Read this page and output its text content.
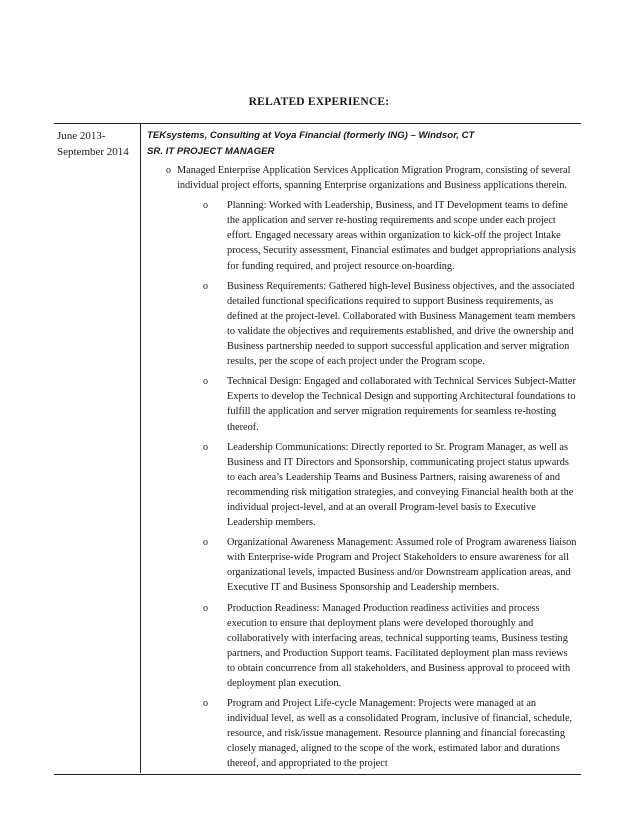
RELATED EXPERIENCE:
June 2013-
September 2014
TEKsystems, Consulting at Voya Financial (formerly ING) – Windsor, CT
SR. IT PROJECT MANAGER
o Managed Enterprise Application Services Application Migration Program, consisting of several individual project efforts, spanning Enterprise organizations and Business applications therein.
o Planning: Worked with Leadership, Business, and IT Development teams to define the application and server re-hosting requirements and scope under each project effort. Engaged necessary areas within organization to kick-off the project Intake process, Security assessment, Financial estimates and budget appropriations analysis for funding required, and project resource on-boarding.
o Business Requirements: Gathered high-level Business objectives, and the associated detailed functional specifications required to support Business requirements, as defined at the project-level. Collaborated with Business Management team members to validate the objectives and requirements established, and drive the ownership and Business partnership needed to support successful application and server migration results, per the scope of each project under the Program scope.
o Technical Design: Engaged and collaborated with Technical Services Subject-Matter Experts to develop the Technical Design and supporting Architectural foundations to fulfill the application and server migration requirements for seamless re-hosting thereof.
o Leadership Communications: Directly reported to Sr. Program Manager, as well as Business and IT Directors and Sponsorship, communicating project status upwards to each area’s Leadership Teams and Business Partners, raising awareness of and recommending risk mitigation strategies, and conveying Financial health both at the individual project-level, and at an overall Program-level basis to Executive Leadership members.
o Organizational Awareness Management: Assumed role of Program awareness liaison with Enterprise-wide Program and Project Stakeholders to ensure awareness for all organizational levels, impacted Business and/or Downstream application areas, and Executive IT and Business Sponsorship and Leadership members.
o Production Readiness: Managed Production readiness activities and process execution to ensure that deployment plans were developed thoroughly and collaboratively with interfacing areas, technical supporting teams, Business testing partners, and Production Support teams. Facilitated deployment plan mass reviews to obtain concurrence from all stakeholders, and Business approval to proceed with deployment plan execution.
o Program and Project Life-cycle Management: Projects were managed at an individual level, as well as a consolidated Program, inclusive of financial, schedule, resource, and risk/issue management. Resource planning and financial forecasting closely managed, aligned to the scope of the work, estimated labor and durations thereof, and appropriated to the project
